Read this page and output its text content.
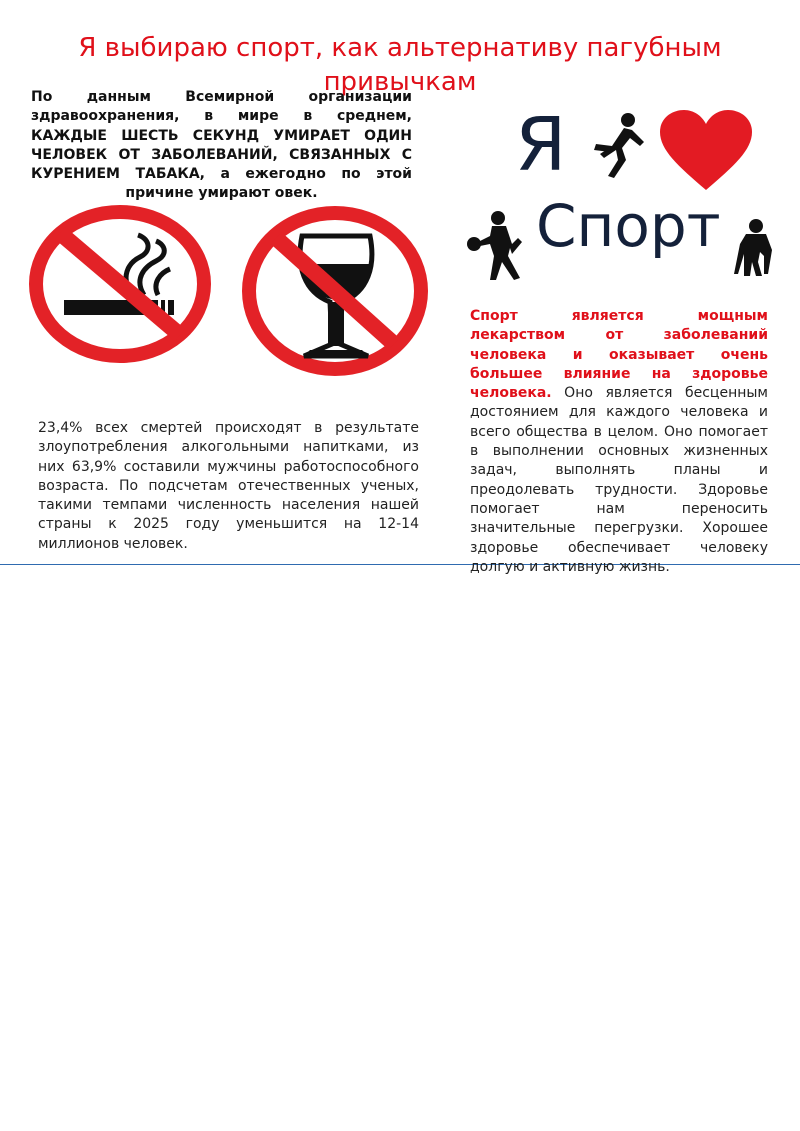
Я выбираю спорт, как альтернативу пагубным привычкам

По данным Всемирной организации здравоохранения, в мире в среднем, КАЖДЫЕ ШЕСТЬ СЕКУНД УМИРАЕТ ОДИН ЧЕЛОВЕК ОТ ЗАБОЛЕВАНИЙ, СВЯЗАННЫХ С КУРЕНИЕМ ТАБАКА, а ежегодно по этой причине умирают овек.

23,4% всех смертей происходят в результате злоупотребления алкогольными напитками, из них 63,9% составили мужчины работоспособного возраста. По подсчетам отечественных ученых, такими темпами численность населения нашей страны к 2025 году уменьшится на 12-14 миллионов человек.

Я
Спорт

Спорт является мощным лекарством от заболеваний человека и оказывает очень большее влияние на здоровье человека. Оно является бесценным достоянием для каждого человека и всего общества в целом. Оно помогает в выполнении основных жизненных задач, выполнять планы и преодолевать трудности. Здоровье помогает нам переносить значительные перегрузки. Хорошее здоровье обеспечивает человеку долгую и активную жизнь.
